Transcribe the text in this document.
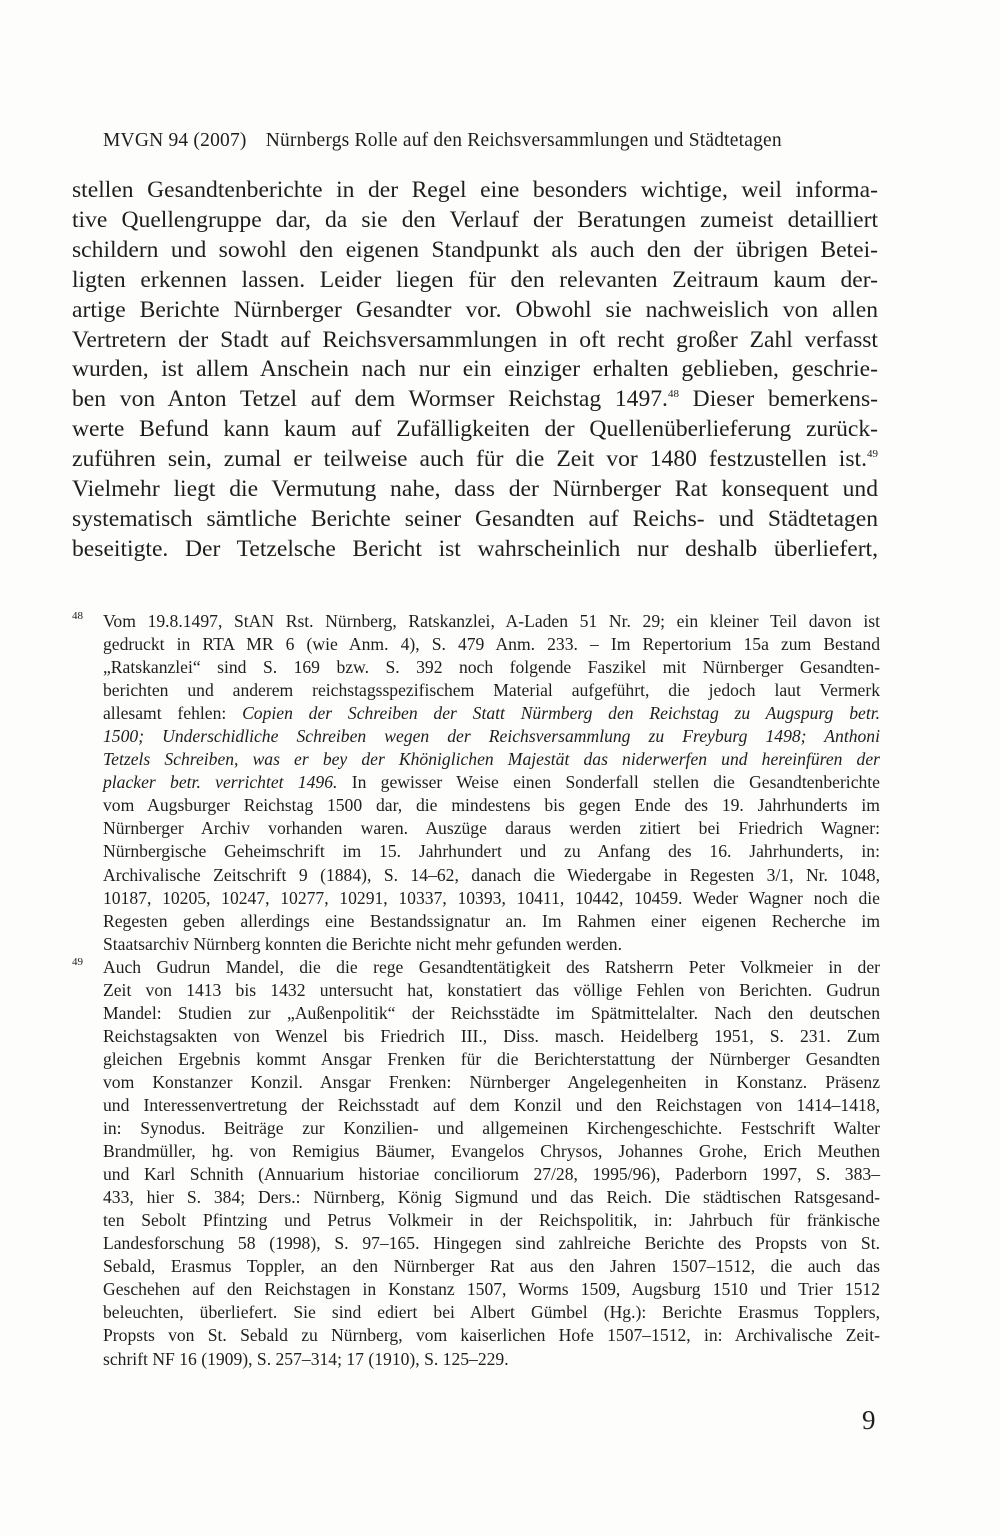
MVGN 94 (2007) Nürnbergs Rolle auf den Reichsversammlungen und Städtetagen
stellen Gesandtenberichte in der Regel eine besonders wichtige, weil informa-
tive Quellengruppe dar, da sie den Verlauf der Beratungen zumeist detailliert
schildern und sowohl den eigenen Standpunkt als auch den der übrigen Betei-
ligten erkennen lassen. Leider liegen für den relevanten Zeitraum kaum der-
artige Berichte Nürnberger Gesandter vor. Obwohl sie nachweislich von allen
Vertretern der Stadt auf Reichsversammlungen in oft recht großer Zahl verfasst
wurden, ist allem Anschein nach nur ein einziger erhalten geblieben, geschrie-
ben von Anton Tetzel auf dem Wormser Reichstag 1497.48 Dieser bemerkens-
werte Befund kann kaum auf Zufälligkeiten der Quellenüberlieferung zurück-
zuführen sein, zumal er teilweise auch für die Zeit vor 1480 festzustellen ist.$^{49}$
Vielmehr liegt die Vermutung nahe, dass der Nürnberger Rat konsequent und
systematisch sämtliche Berichte seiner Gesandten auf Reichs- und Städtetagen
beseitigte. Der Tetzelsche Bericht ist wahrscheinlich nur deshalb überliefert,
48 Vom 19.8.1497, StAN Rst. Nürnberg, Ratskanzlei, A-Laden 51 Nr. 29; ein kleiner Teil davon ist
gedruckt in RTA MR 6 (wie Anm. 4), S. 479 Anm. 233. – Im Repertorium 15a zum Bestand
„Ratskanzlei“ sind S. 169 bzw. S. 392 noch folgende Faszikel mit Nürnberger Gesandten-
berichten und anderem reichstagsspezifischem Material aufgeführt, die jedoch laut Vermerk
allesamt fehlen: Copien der Schreiben der Statt Nürmberg den Reichstag zu Augspurg betr.
1500; Underschidliche Schreiben wegen der Reichsversammlung zu Freyburg 1498; Anthoni
Tetzels Schreiben, was er bey der Khöniglichen Majestät das niderwerfen und hereinfüren der
placker betr. verrichtet 1496. In gewisser Weise einen Sonderfall stellen die Gesandtenberichte
vom Augsburger Reichstag 1500 dar, die mindestens bis gegen Ende des 19. Jahrhunderts im
Nürnberger Archiv vorhanden waren. Auszüge daraus werden zitiert bei Friedrich Wagner:
Nürnbergische Geheimschrift im 15. Jahrhundert und zu Anfang des 16. Jahrhunderts, in:
Archivalische Zeitschrift 9 (1884), S. 14–62, danach die Wiedergabe in Regesten 3/1, Nr. 1048,
10187, 10205, 10247, 10277, 10291, 10337, 10393, 10411, 10442, 10459. Weder Wagner noch die
Regesten geben allerdings eine Bestandssignatur an. Im Rahmen einer eigenen Recherche im
Staatsarchiv Nürnberg konnten die Berichte nicht mehr gefunden werden.
49 Auch Gudrun Mandel, die die rege Gesandtentätigkeit des Ratsherrn Peter Volkmeier in der
Zeit von 1413 bis 1432 untersucht hat, konstatiert das völlige Fehlen von Berichten. Gudrun
Mandel: Studien zur „Außenpolitik“ der Reichsstädte im Spätmittelalter. Nach den deutschen
Reichstagsakten von Wenzel bis Friedrich III., Diss. masch. Heidelberg 1951, S. 231. Zum
gleichen Ergebnis kommt Ansgar Frenken für die Berichterstattung der Nürnberger Gesandten
vom Konstanzer Konzil. Ansgar Frenken: Nürnberger Angelegenheiten in Konstanz. Präsenz
und Interessenvertretung der Reichsstadt auf dem Konzil und den Reichstagen von 1414–1418,
in: Synodus. Beiträge zur Konzilien- und allgemeinen Kirchengeschichte. Festschrift Walter
Brandmüller, hg. von Remigius Bäumer, Evangelos Chrysos, Johannes Grohe, Erich Meuthen
und Karl Schnith (Annuarium historiae conciliorum 27/28, 1995/96), Paderborn 1997, S. 383–
433, hier S. 384; Ders.: Nürnberg, König Sigmund und das Reich. Die städtischen Ratsgesand-
ten Sebolt Pfintzing und Petrus Volkmeir in der Reichspolitik, in: Jahrbuch für fränkische
Landesforschung 58 (1998), S. 97–165. Hingegen sind zahlreiche Berichte des Propsts von St.
Sebald, Erasmus Toppler, an den Nürnberger Rat aus den Jahren 1507–1512, die auch das
Geschehen auf den Reichstagen in Konstanz 1507, Worms 1509, Augsburg 1510 und Trier 1512
beleuchten, überliefert. Sie sind ediert bei Albert Gümbel (Hg.): Berichte Erasmus Topplers,
Propsts von St. Sebald zu Nürnberg, vom kaiserlichen Hofe 1507–1512, in: Archivalische Zeit-
schrift NF 16 (1909), S. 257–314; 17 (1910), S. 125–229.
9
